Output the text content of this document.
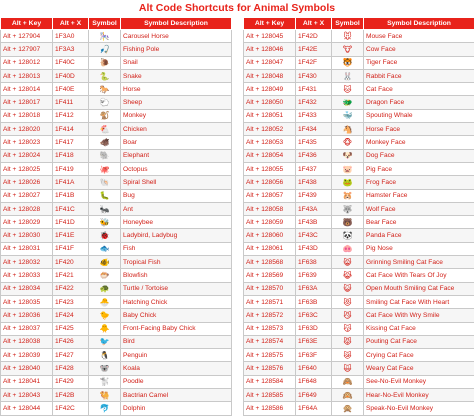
Alt Code Shortcuts for Animal Symbols
Alt + Key	Alt + X	Symbol	Symbol Description
Alt + 127904	1F3A0	🎠	Carousel Horse
Alt + 127907	1F3A3	🎣	Fishing Pole
Alt + 128012	1F40C	🐌	Snail
Alt + 128013	1F40D	🐍	Snake
Alt + 128014	1F40E	🐎	Horse
Alt + 128017	1F411	🐑	Sheep
Alt + 128018	1F412	🐒	Monkey
Alt + 128020	1F414	🐔	Chicken
Alt + 128023	1F417	🐗	Boar
Alt + 128024	1F418	🐘	Elephant
Alt + 128025	1F419	🐙	Octopus
Alt + 128026	1F41A	🐚	Spiral Shell
Alt + 128027	1F41B	🐛	Bug
Alt + 128028	1F41C	🐜	Ant
Alt + 128029	1F41D	🐝	Honeybee
Alt + 128030	1F41E	🐞	Ladybird, Ladybug
Alt + 128031	1F41F	🐟	Fish
Alt + 128032	1F420	🐠	Tropical Fish
Alt + 128033	1F421	🐡	Blowfish
Alt + 128034	1F422	🐢	Turtle / Tortoise
Alt + 128035	1F423	🐣	Hatching Chick
Alt + 128036	1F424	🐤	Baby Chick
Alt + 128037	1F425	🐥	Front-Facing Baby Chick
Alt + 128038	1F426	🐦	Bird
Alt + 128039	1F427	🐧	Penguin
Alt + 128040	1F428	🐨	Koala
Alt + 128041	1F429	🐩	Poodle
Alt + 128043	1F42B	🐫	Bactrian Camel
Alt + 128044	1F42C	🐬	Dolphin
Alt + Key	Alt + X	Symbol	Symbol Description
Alt + 128045	1F42D	🐭	Mouse Face
Alt + 128046	1F42E	🐮	Cow Face
Alt + 128047	1F42F	🐯	Tiger Face
Alt + 128048	1F430	🐰	Rabbit Face
Alt + 128049	1F431	🐱	Cat Face
Alt + 128050	1F432	🐲	Dragon Face
Alt + 128051	1F433	🐳	Spouting Whale
Alt + 128052	1F434	🐴	Horse Face
Alt + 128053	1F435	🐵	Monkey Face
Alt + 128054	1F436	🐶	Dog Face
Alt + 128055	1F437	🐷	Pig Face
Alt + 128056	1F438	🐸	Frog Face
Alt + 128057	1F439	🐹	Hamster Face
Alt + 128058	1F43A	🐺	Wolf Face
Alt + 128059	1F43B	🐻	Bear Face
Alt + 128060	1F43C	🐼	Panda Face
Alt + 128061	1F43D	🐽	Pig Nose
Alt + 128568	1F638	😸	Grinning Smiling Cat Face
Alt + 128569	1F639	😹	Cat Face With Tears Of Joy
Alt + 128570	1F63A	😺	Open Mouth Smiling Cat Face
Alt + 128571	1F63B	😻	Smiling Cat Face With Heart
Alt + 128572	1F63C	😼	Cat Face With Wry Smile
Alt + 128573	1F63D	😽	Kissing Cat Face
Alt + 128574	1F63E	😾	Pouting Cat Face
Alt + 128575	1F63F	😿	Crying Cat Face
Alt + 128576	1F640	🙀	Weary Cat Face
Alt + 128584	1F648	🙈	See-No-Evil Monkey
Alt + 128585	1F649	🙉	Hear-No-Evil Monkey
Alt + 128586	1F64A	🙊	Speak-No-Evil Monkey
